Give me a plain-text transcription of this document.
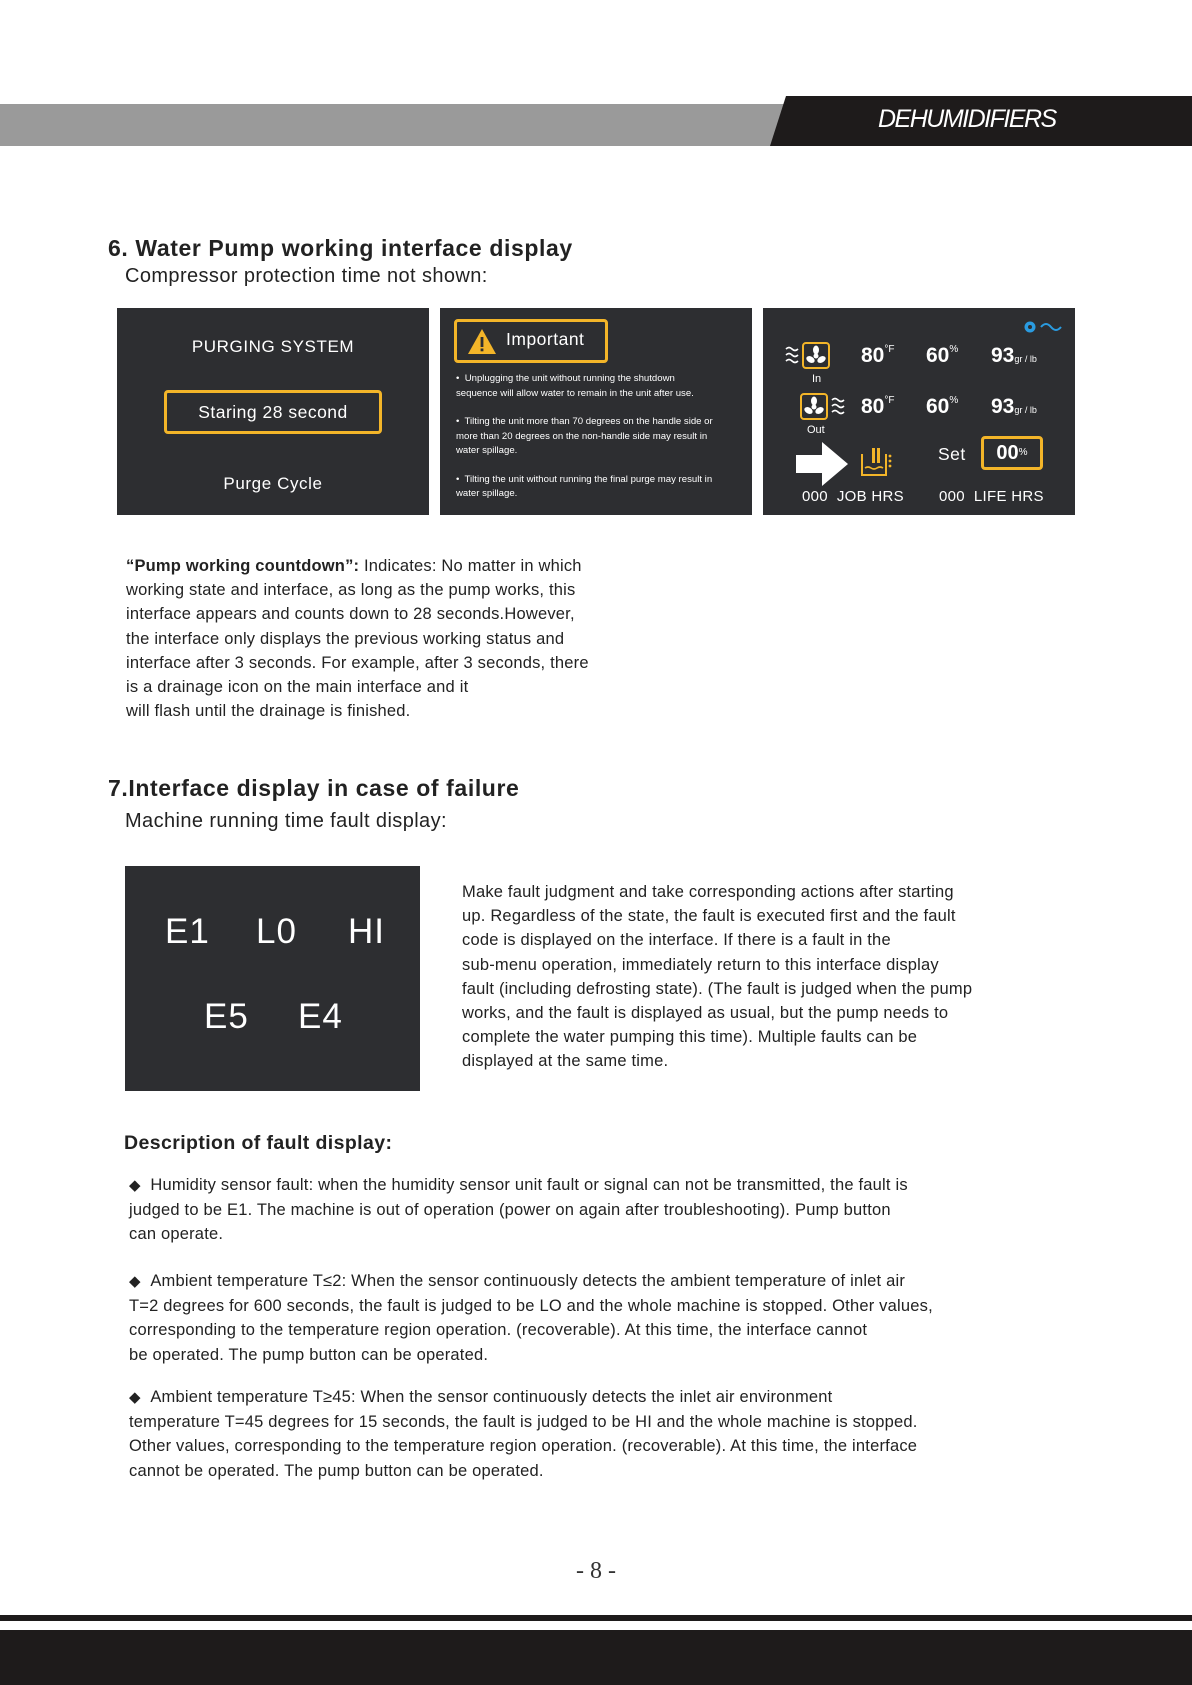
DEHUMIDIFIERS
6. Water Pump working interface display
Compressor protection time not shown:
PURGING SYSTEM
Staring 28 second
Purge Cycle
Important
•  Unplugging the unit without running the shutdown
sequence will allow water to remain in the unit after use.
•  Tilting the unit more than 70 degrees on the handle side or
more than 20 degrees on the non-handle side may result in
water spillage.
•  Tilting the unit without running the final purge may result in
water spillage.
In
$80^{^\circ F}$ 60% 93gr / lb
Out
$80^{^\circ F}$ 60% 93gr / lb
Set	00%
000 JOB HRS 000 LIFE HRS
“Pump working countdown”: Indicates: No matter in which
working state and interface, as long as the pump works, this
interface appears and counts down to 28 seconds.However,
the interface only displays the previous working status and
interface after 3 seconds. For example, after 3 seconds, there
is a drainage icon on the main interface and it
will flash until the drainage is finished.
7.Interface display in case of failure
Machine running time fault display:
E1 L0 HI
E5 E4
Make fault judgment and take corresponding actions after starting
up. Regardless of the state, the fault is executed first and the fault
code is displayed on the interface. If there is a fault in the
sub-menu operation, immediately return to this interface display
fault (including defrosting state). (The fault is judged when the pump
works, and the fault is displayed as usual, but the pump needs to
complete the water pumping this time). Multiple faults can be
displayed at the same time.
Description of fault display:
◆ Humidity sensor fault: when the humidity sensor unit fault or signal can not be transmitted, the fault is
judged to be E1. The machine is out of operation (power on again after troubleshooting). Pump button
can operate.
◆ Ambient temperature T≤2: When the sensor continuously detects the ambient temperature of inlet air
T=2 degrees for 600 seconds, the fault is judged to be LO and the whole machine is stopped. Other values,
corresponding to the temperature region operation. (recoverable). At this time, the interface cannot
be operated. The pump button can be operated.
◆ Ambient temperature T≥45: When the sensor continuously detects the inlet air environment
temperature T=45 degrees for 15 seconds, the fault is judged to be HI and the whole machine is stopped.
Other values, corresponding to the temperature region operation. (recoverable). At this time, the interface
cannot be operated. The pump button can be operated.
- 8 -
